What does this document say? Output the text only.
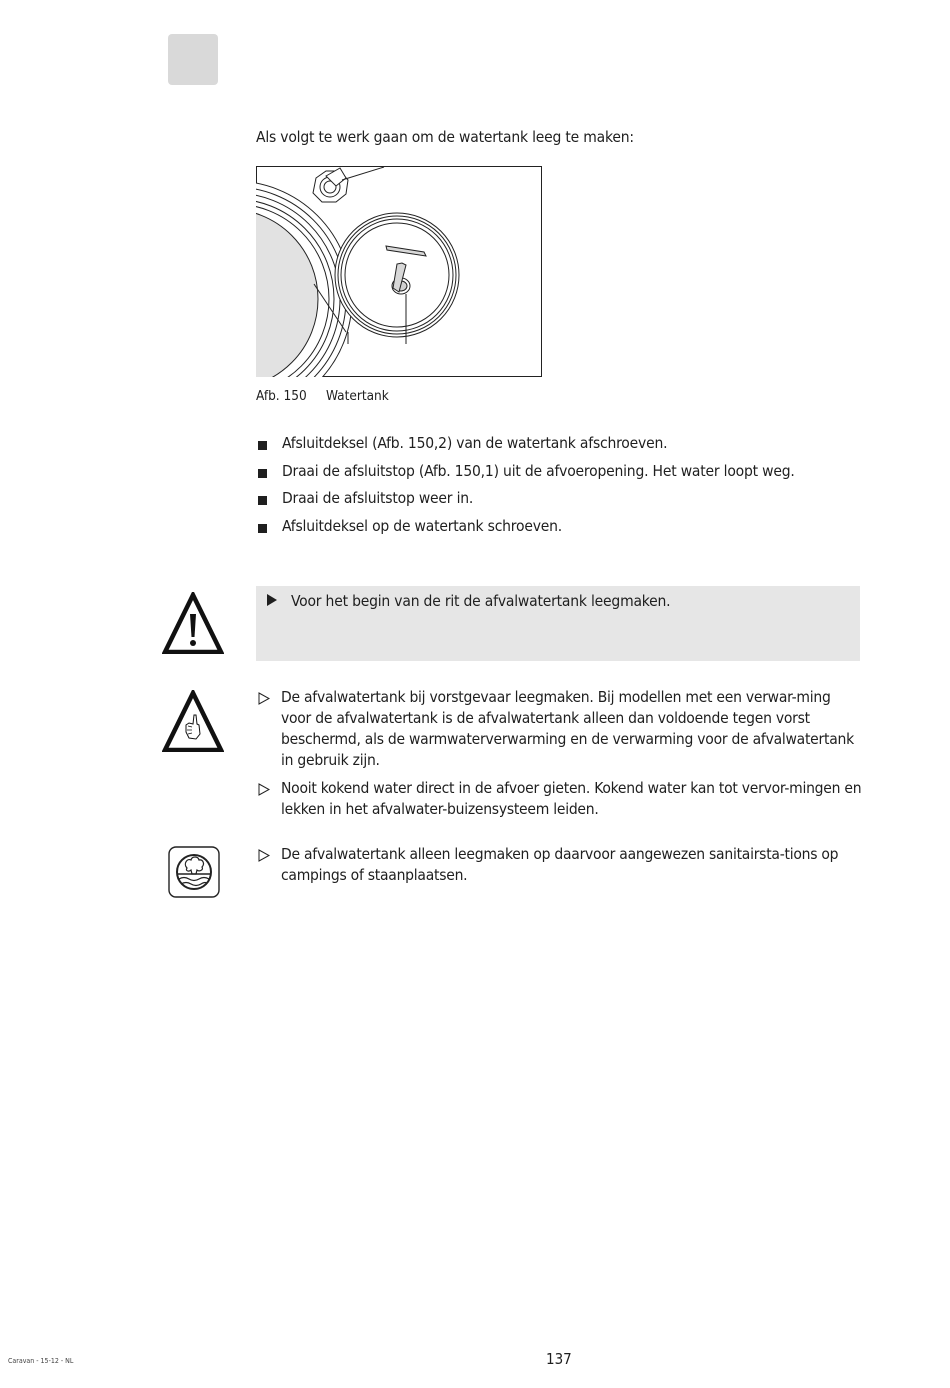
Als volgt te werk gaan om de watertank leeg te maken:
Afb. 150 Watertank
Afsluitdeksel (Afb. 150,2) van de watertank afschroeven.
Draai de afsluitstop (Afb. 150,1) uit de afvoeropening. Het water loopt weg.
Draai de afsluitstop weer in.
Afsluitdeksel op de watertank schroeven.
Voor het begin van de rit de afvalwatertank leegmaken.
De afvalwatertank bij vorstgevaar leegmaken. Bij modellen met een verwar-ming voor de afvalwatertank is de afvalwatertank alleen dan voldoende tegen vorst beschermd, als de warmwaterverwarming en de verwarming voor de afvalwatertank in gebruik zijn.
Nooit kokend water direct in de afvoer gieten. Kokend water kan tot vervor-mingen en lekken in het afvalwater-buizensysteem leiden.
De afvalwatertank alleen leegmaken op daarvoor aangewezen sanitairsta-tions op campings of staanplaatsen.
Caravan - 15-12 - NL	137
